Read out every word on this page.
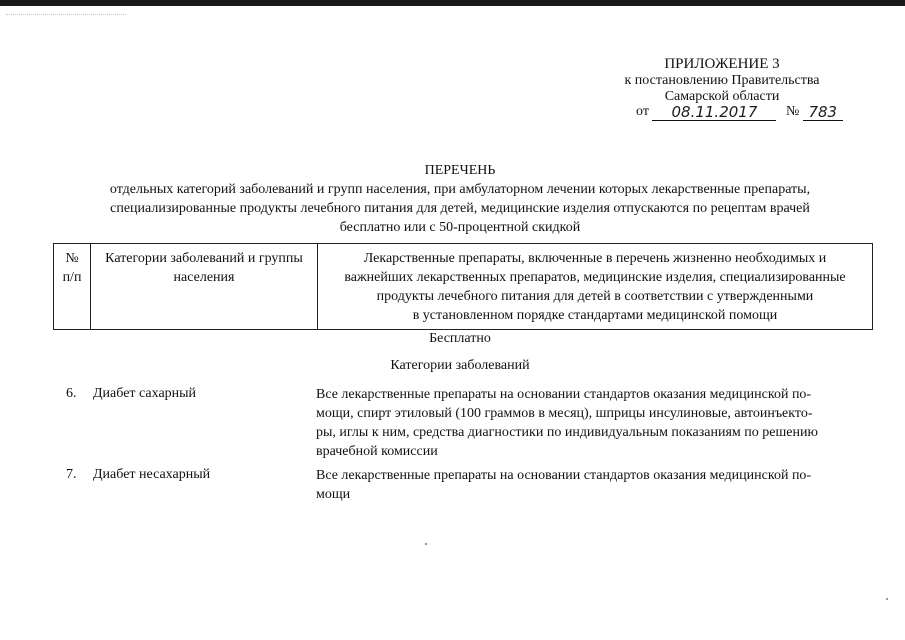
ПРИЛОЖЕНИЕ 3
к постановлению Правительства
Самарской области
от 08.11.2017 № 783
ПЕРЕЧЕНЬ
отдельных категорий заболеваний и групп населения, при амбулаторном лечении которых лекарственные препараты,
специализированные продукты лечебного питания для детей, медицинские изделия отпускаются по рецептам врачей
бесплатно или с 50-процентной скидкой
№
п/п

Категории заболеваний и группы
населения

Лекарственные препараты, включенные в перечень жизненно необходимых и
важнейших лекарственных препаратов, медицинские изделия, специализированные
продукты лечебного питания для детей в соответствии с утвержденными
в установленном порядке стандартами медицинской помощи
Бесплатно
Категории заболеваний
6. Диабет сахарный	Все лекарственные препараты на основании стандартов оказания медицинской по-
мощи, спирт этиловый (100 граммов в месяц), шприцы инсулиновые, автоинъекто-
ры, иглы к ним, средства диагностики по индивидуальным показаниям по решению
врачебной комиссии
7. Диабет несахарный	Все лекарственные препараты на основании стандартов оказания медицинской по-
мощи
